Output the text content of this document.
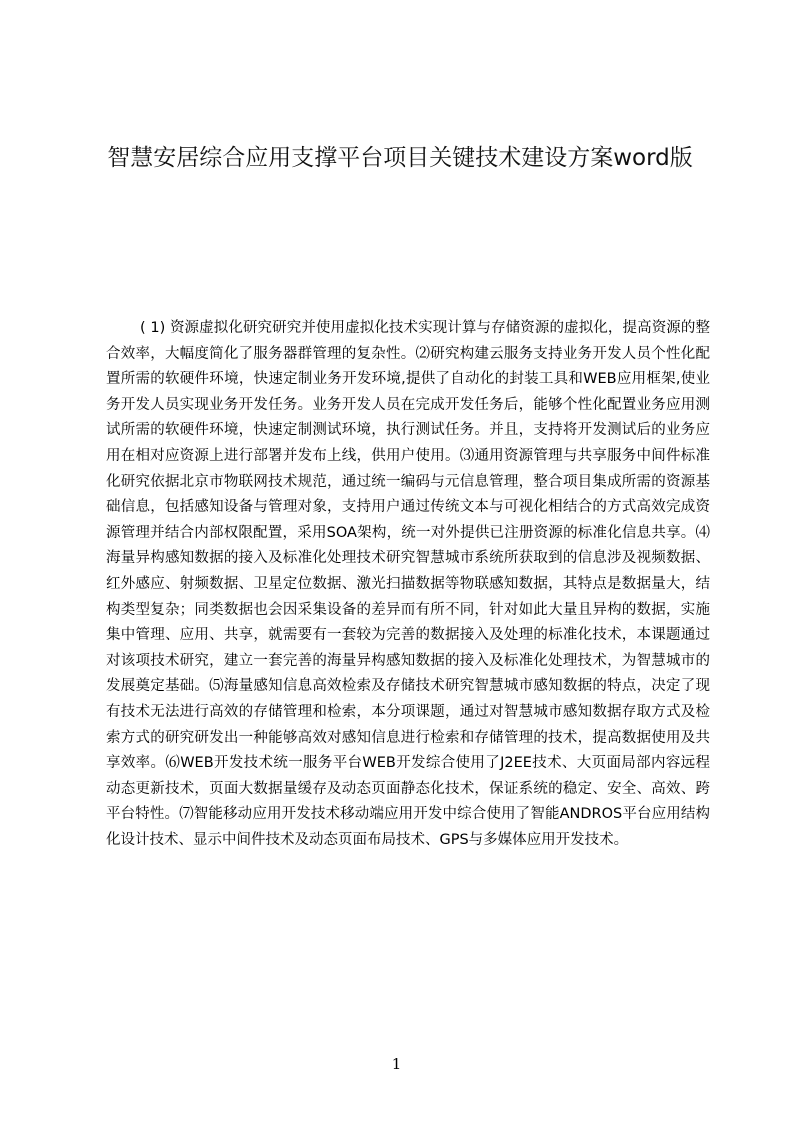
智慧安居综合应用支撑平台项目关键技术建设方案word版

( 1) 资源虚拟化研究研究并使用虚拟化技术实现计算与存储资源的虚拟化，提高资源的整合效率，大幅度简化了服务器群管理的复杂性。⑵研究构建云服务支持业务开发人员个性化配置所需的软硬件环境，快速定制业务开发环境,提供了自动化的封装工具和WEB应用框架,使业务开发人员实现业务开发任务。业务开发人员在完成开发任务后，能够个性化配置业务应用测试所需的软硬件环境，快速定制测试环境，执行测试任务。并且，支持将开发测试后的业务应用在相对应资源上进行部署并发布上线，供用户使用。⑶通用资源管理与共享服务中间件标准化研究依据北京市物联网技术规范，通过统一编码与元信息管理，整合项目集成所需的资源基础信息，包括感知设备与管理对象，支持用户通过传统文本与可视化相结合的方式高效完成资源管理并结合内部权限配置，采用SOA架构，统一对外提供已注册资源的标准化信息共享。⑷海量异构感知数据的接入及标准化处理技术研究智慧城市系统所获取到的信息涉及视频数据、红外感应、射频数据、卫星定位数据、激光扫描数据等物联感知数据，其特点是数据量大，结构类型复杂；同类数据也会因采集设备的差异而有所不同，针对如此大量且异构的数据，实施集中管理、应用、共享，就需要有一套较为完善的数据接入及处理的标准化技术，本课题通过对该项技术研究，建立一套完善的海量异构感知数据的接入及标准化处理技术，为智慧城市的发展奠定基础。⑸海量感知信息高效检索及存储技术研究智慧城市感知数据的特点，决定了现有技术无法进行高效的存储管理和检索，本分项课题，通过对智慧城市感知数据存取方式及检索方式的研究研发出一种能够高效对感知信息进行检索和存储管理的技术，提高数据使用及共享效率。⑹WEB开发技术统一服务平台WEB开发综合使用了J2EE技术、大页面局部内容远程动态更新技术，页面大数据量缓存及动态页面静态化技术，保证系统的稳定、安全、高效、跨平台特性。⑺智能移动应用开发技术移动端应用开发中综合使用了智能ANDROS平台应用结构化设计技术、显示中间件技术及动态页面布局技术、GPS与多媒体应用开发技术。

1
